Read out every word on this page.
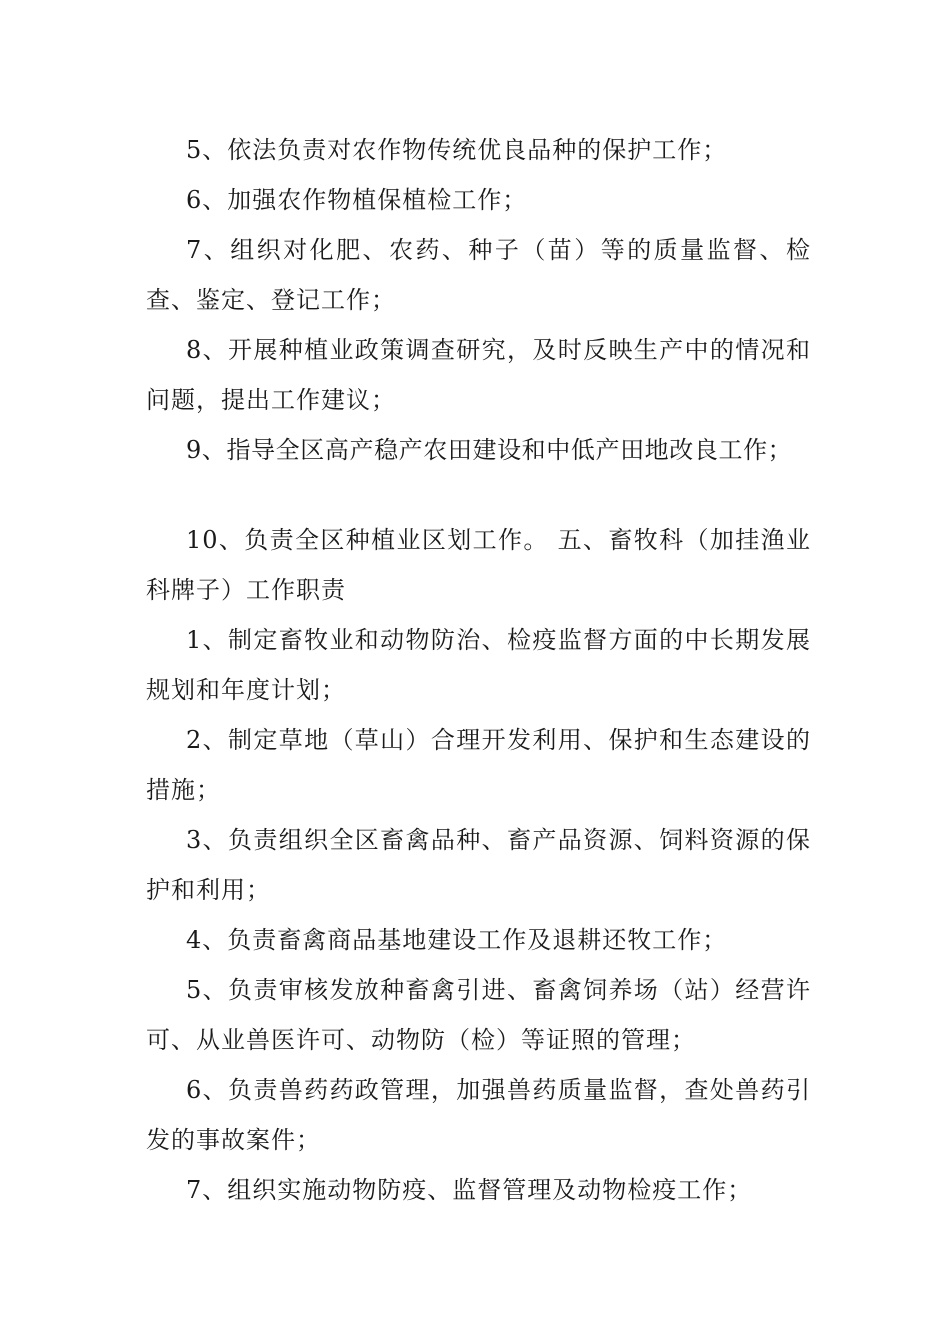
5、依法负责对农作物传统优良品种的保护工作；

6、加强农作物植保植检工作；

7、组织对化肥、农药、种子（苗）等的质量监督、检查、鉴定、登记工作；

8、开展种植业政策调查研究，及时反映生产中的情况和问题，提出工作建议；

9、指导全区高产稳产农田建设和中低产田地改良工作；

10、负责全区种植业区划工作。 五、畜牧科（加挂渔业科牌子）工作职责

1、制定畜牧业和动物防治、检疫监督方面的中长期发展规划和年度计划；

2、制定草地（草山）合理开发利用、保护和生态建设的措施；

3、负责组织全区畜禽品种、畜产品资源、饲料资源的保护和利用；

4、负责畜禽商品基地建设工作及退耕还牧工作；

5、负责审核发放种畜禽引进、畜禽饲养场（站）经营许可、从业兽医许可、动物防（检）等证照的管理；

6、负责兽药药政管理，加强兽药质量监督，查处兽药引发的事故案件；

7、组织实施动物防疫、监督管理及动物检疫工作；
